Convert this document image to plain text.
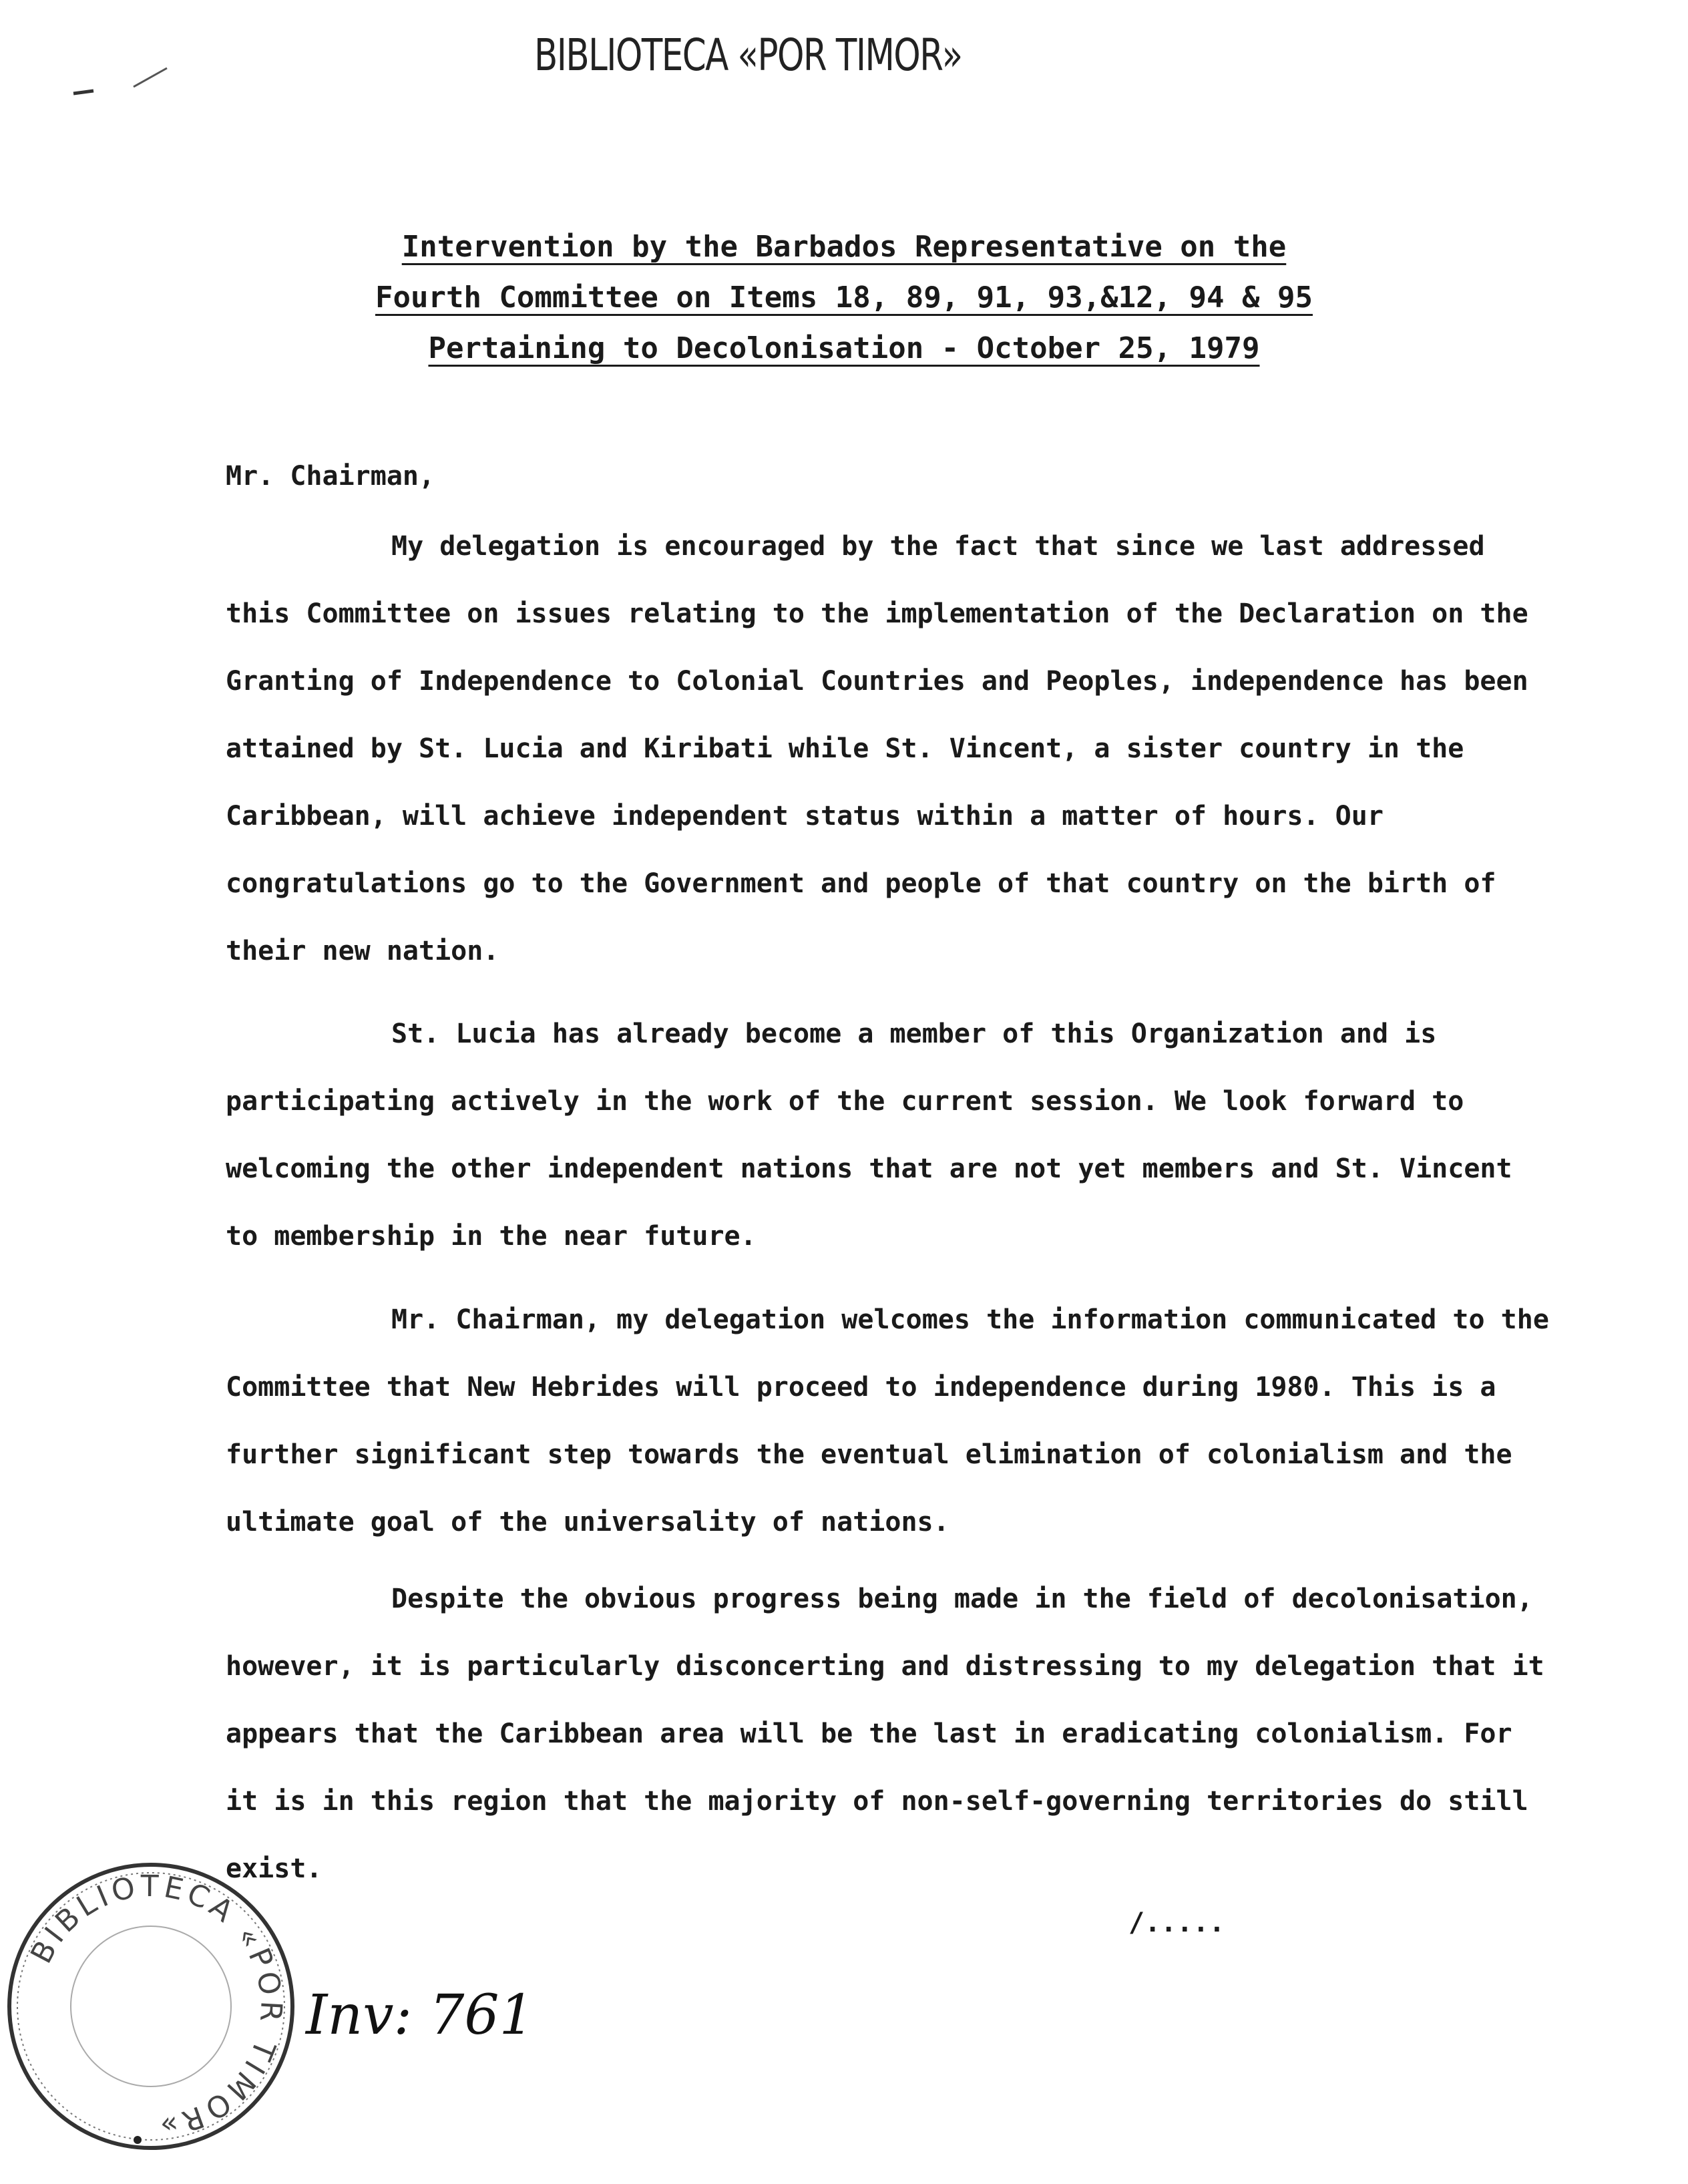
BIBLIOTECA «POR TIMOR»
Intervention by the Barbados Representative on the
Fourth Committee on Items 18, 89, 91, 93,&12, 94 & 95
Pertaining to Decolonisation - October 25, 1979
Mr. Chairman,

My delegation is encouraged by the fact that since we last addressed this Committee on issues relating to the implementation of the Declaration on the Granting of Independence to Colonial Countries and Peoples, independence has been attained by St. Lucia and Kiribati while St. Vincent, a sister country in the Caribbean, will achieve independent status within a matter of hours. Our congratulations go to the Government and people of that country on the birth of their new nation.

St. Lucia has already become a member of this Organization and is participating actively in the work of the current session. We look forward to welcoming the other independent nations that are not yet members and St. Vincent to membership in the near future.

Mr. Chairman, my delegation welcomes the information communicated to the Committee that New Hebrides will proceed to independence during 1980. This is a further significant step towards the eventual elimination of colonialism and the ultimate goal of the universality of nations.

Despite the obvious progress being made in the field of decolonisation, however, it is particularly disconcerting and distressing to my delegation that it appears that the Caribbean area will be the last in eradicating colonialism. For it is in this region that the majority of non-self-governing territories do still exist.

/.....
BIBLIOTECA «POR TIMOR»
Inv: 761
